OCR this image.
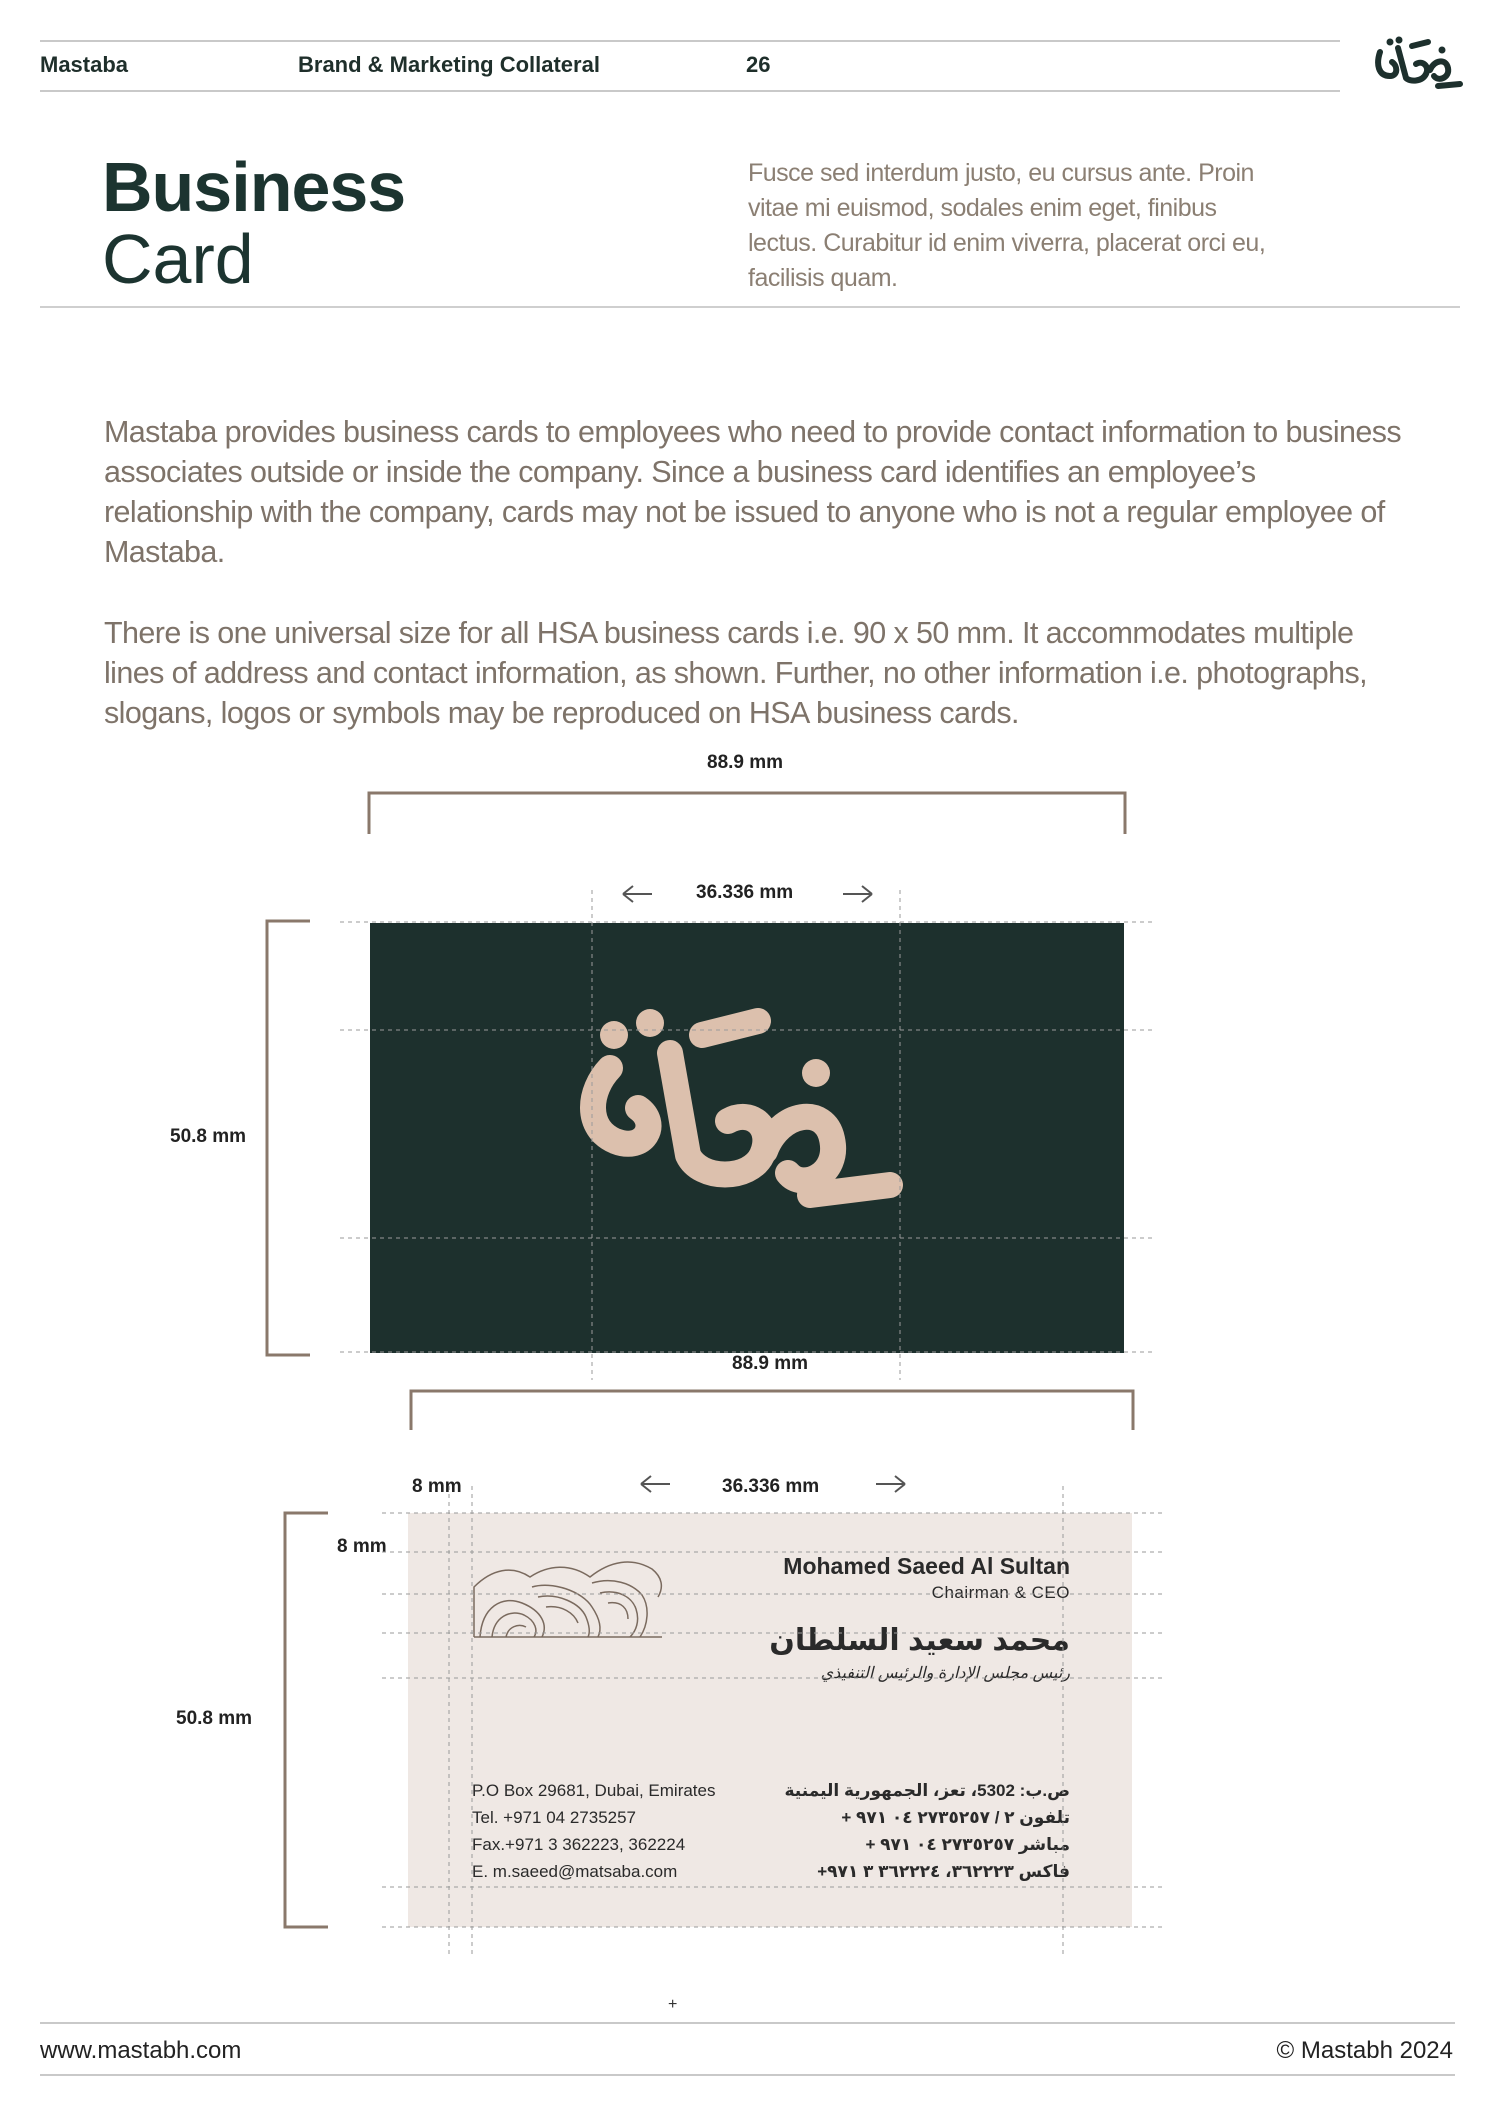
Mastaba	Brand & Marketing Collateral	26
Business
Card
Fusce sed interdum justo, eu cursus ante. Proin vitae mi euismod, sodales enim eget, finibus lectus. Curabitur id enim viverra, placerat orci eu, facilisis quam.
Mastaba provides business cards to employees who need to provide contact information to business associates outside or inside the company. Since a business card identifies an employee’s relationship with the company, cards may not be issued to anyone who is not a regular employee of Mastaba.
There is one universal size for all HSA business cards i.e. 90 x 50 mm. It accommodates multiple lines of address and contact information, as shown. Further, no other information i.e. photographs, slogans, logos or symbols may be reproduced on HSA business cards.
88.9 mm
36.336 mm
50.8 mm
88.9 mm
8 mm	36.336 mm
8 mm
50.8 mm
Mohamed Saeed Al Sultan
Chairman & CEO
محمد سعيد السلطان
رئيس مجلس الإدارة والرئيس التنفيذي
P.O Box 29681, Dubai, Emirates
Tel. +971 04 2735257
Fax.+971 3 362223, 362224
E. m.saeed@matsaba.com
ص.ب: 5302، تعز، الجمهورية اليمنية
تلفون ٢ / ٢٧٣٥٢٥٧ ٠٤ ٩٧١ +
مباشر ٢٧٣٥٢٥٧ ٠٤ ٩٧١ +
فاكس ٣٦٢٢٢٣، ٣٦٢٢٢٤ ٣ ٩٧١+
+
www.mastabh.com	© Mastabh 2024
